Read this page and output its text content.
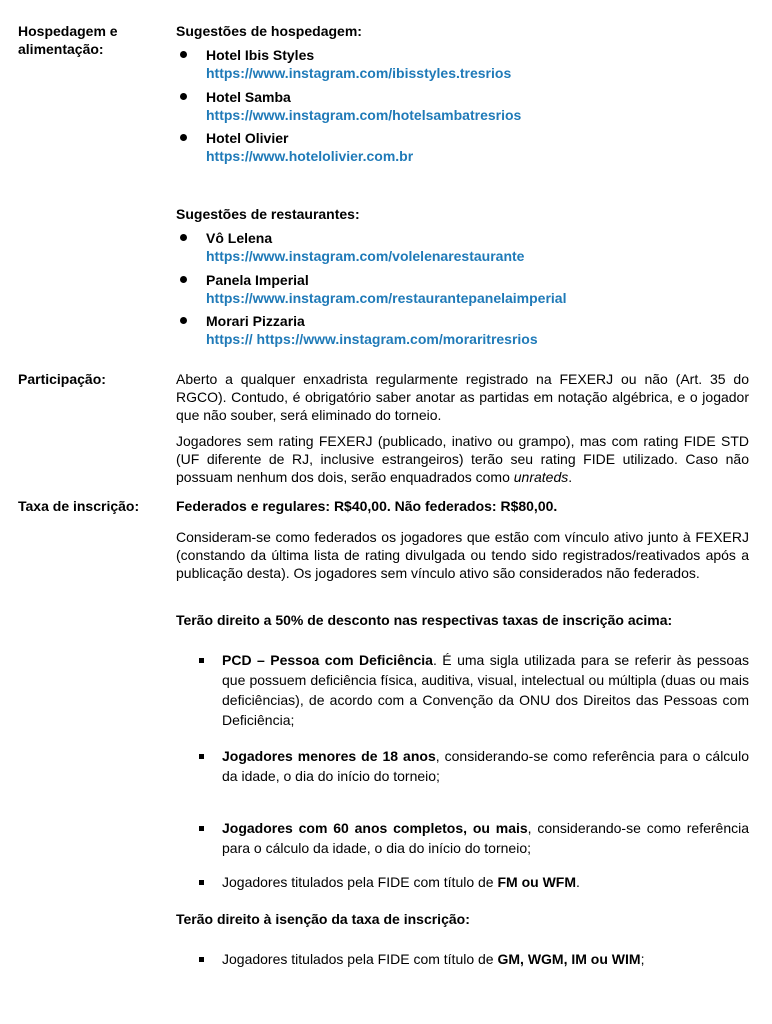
Hospedagem e
alimentação:
Sugestões de hospedagem:
Hotel Ibis Styles
https://www.instagram.com/ibisstyles.tresrios
Hotel Samba
https://www.instagram.com/hotelsambatresrios
Hotel Olivier
https://www.hotelolivier.com.br
Sugestões de restaurantes:
Vô Lelena
https://www.instagram.com/volelenarestaurante
Panela Imperial
https://www.instagram.com/restaurantepanelaimperial
Morari Pizzaria
https:// https://www.instagram.com/moraritresrios
Participação:	Aberto a qualquer enxadrista regularmente registrado na FEXERJ ou não (Art. 35 do RGCO). Contudo, é obrigatório saber anotar as partidas em notação algébrica, e o jogador que não souber, será eliminado do torneio.

Jogadores sem rating FEXERJ (publicado, inativo ou grampo), mas com rating FIDE STD (UF diferente de RJ, inclusive estrangeiros) terão seu rating FIDE utilizado. Caso não possuam nenhum dos dois, serão enquadrados como unrateds.

Taxa de inscrição:	Federados e regulares: R$40,00. Não federados: R$80,00.

Consideram-se como federados os jogadores que estão com vínculo ativo junto à FEXERJ (constando da última lista de rating divulgada ou tendo sido registrados/reativados após a publicação desta). Os jogadores sem vínculo ativo são considerados não federados.

Terão direito a 50% de desconto nas respectivas taxas de inscrição acima:

PCD – Pessoa com Deficiência. É uma sigla utilizada para se referir às pessoas que possuem deficiência física, auditiva, visual, intelectual ou múltipla (duas ou mais deficiências), de acordo com a Convenção da ONU dos Direitos das Pessoas com Deficiência;

Jogadores menores de 18 anos, considerando-se como referência para o cálculo da idade, o dia do início do torneio;

Jogadores com 60 anos completos, ou mais, considerando-se como referência para o cálculo da idade, o dia do início do torneio;

Jogadores titulados pela FIDE com título de FM ou WFM.

Terão direito à isenção da taxa de inscrição:

Jogadores titulados pela FIDE com título de GM, WGM, IM ou WIM;
